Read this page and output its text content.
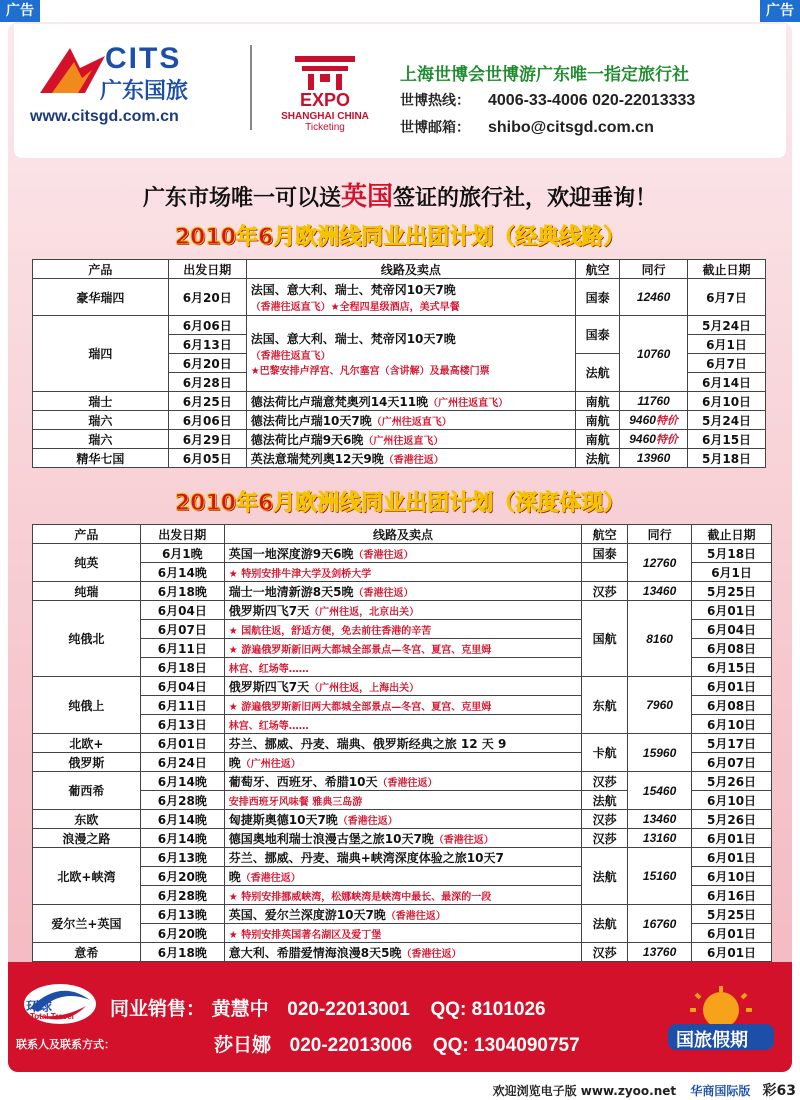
广告	广告
CITS
广东国旅
www.citsgd.com.cn
EXPO
SHANGHAI CHINA
Ticketing
上海世博会世博游广东唯一指定旅行社
世博热线： 4006-33-4006 020-22013333
世博邮箱： shibo@citsgd.com.cn
广东市场唯一可以送英国签证的旅行社，欢迎垂询！
2010年6月欧洲线同业出团计划（经典线路）
产品	出发日期	线路及卖点	航空	同行	截止日期
豪华瑞四	6月20日	法国、意大利、瑞士、梵帝冈10天7晚
（香港往返直飞）★全程四星级酒店，美式早餐	国泰	12460	6月7日
瑞四	6月06日	法国、意大利、瑞士、梵帝冈10天7晚
（香港往返直飞）
★巴黎安排卢浮宫、凡尔塞宫（含讲解）及最高楼门票	国泰	10760	5月24日
	6月13日				6月1日
	6月20日		法航		6月7日
	6月28日				6月14日
瑞士	6月25日	德法荷比卢瑞意梵奥列14天11晚（广州往返直飞）	南航	11760	6月10日
瑞六	6月06日	德法荷比卢瑞10天7晚（广州往返直飞）	南航	9460特价	5月24日
瑞六	6月29日	德法荷比卢瑞9天6晚（广州往返直飞）	南航	9460特价	6月15日
精华七国	6月05日	英法意瑞梵列奥12天9晚（香港往返）	法航	13960	5月18日
2010年6月欧洲线同业出团计划（深度体现）
产品	出发日期	线路及卖点	航空	同行	截止日期
纯英	6月1晚	英国一地深度游9天6晚（香港往返）	国泰	12760	5月18日
	6月14晚	★ 特别安排牛津大学及剑桥大学			6月1日
纯瑞	6月18晚	瑞士一地清新游8天5晚（香港往返）	汉莎	13460	5月25日
纯俄北	6月04日	俄罗斯四飞7天（广州往返，北京出关）	国航	8160	6月01日
	6月07日	★ 国航往返，舒适方便，免去前往香港的辛苦			6月04日
	6月11日	★ 游遍俄罗斯新旧两大都城全部景点—冬宫、夏宫、克里姆			6月08日
	6月18日	林宫、红场等……			6月15日
纯俄上	6月04日	俄罗斯四飞7天（广州往返，上海出关）	东航	7960	6月01日
	6月11日	★ 游遍俄罗斯新旧两大都城全部景点—冬宫、夏宫、克里姆			6月08日
	6月13日	林宫、红场等……			6月10日
北欧+	6月01日	芬兰、挪威、丹麦、瑞典、俄罗斯经典之旅 12 天 9	卡航	15960	5月17日
俄罗斯	6月24日	晚（广州往返）			6月07日
葡西希	6月14晚	葡萄牙、西班牙、希腊10天（香港往返）	汉莎	15460	5月26日
	6月28晚	安排西班牙风味餐 雅典三岛游	法航		6月10日
东欧	6月14晚	匈捷斯奥德10天7晚（香港往返）	汉莎	13460	5月26日
浪漫之路	6月14晚	德国奥地利瑞士浪漫古堡之旅10天7晚（香港往返）	汉莎	13160	6月01日
北欧+峡湾	6月13晚	芬兰、挪威、丹麦、瑞典+峡湾深度体验之旅10天7	法航	15160	6月01日
	6月20晚	晚（香港往返）			6月10日
	6月28晚	★ 特别安排挪威峡湾，松娜峡湾是峡湾中最长、最深的一段			6月16日
爱尔兰+英国	6月13晚	英国、爱尔兰深度游10天7晚（香港往返）	法航	16760	5月25日
	6月20晚	★ 特别安排英国著名湖区及爱丁堡			6月01日
意希	6月18晚	意大利、希腊爱情海浪漫8天5晚（香港往返）	汉莎	13760	6月01日
环球
Total Travel
联系人及联系方式：
同业销售： 黄慧中 020-22013001 QQ: 8101026
莎日娜 020-22013006 QQ: 1304090757	国旅假期
欢迎浏览电子版 www.zyoo.net 华商国际版 彩63
